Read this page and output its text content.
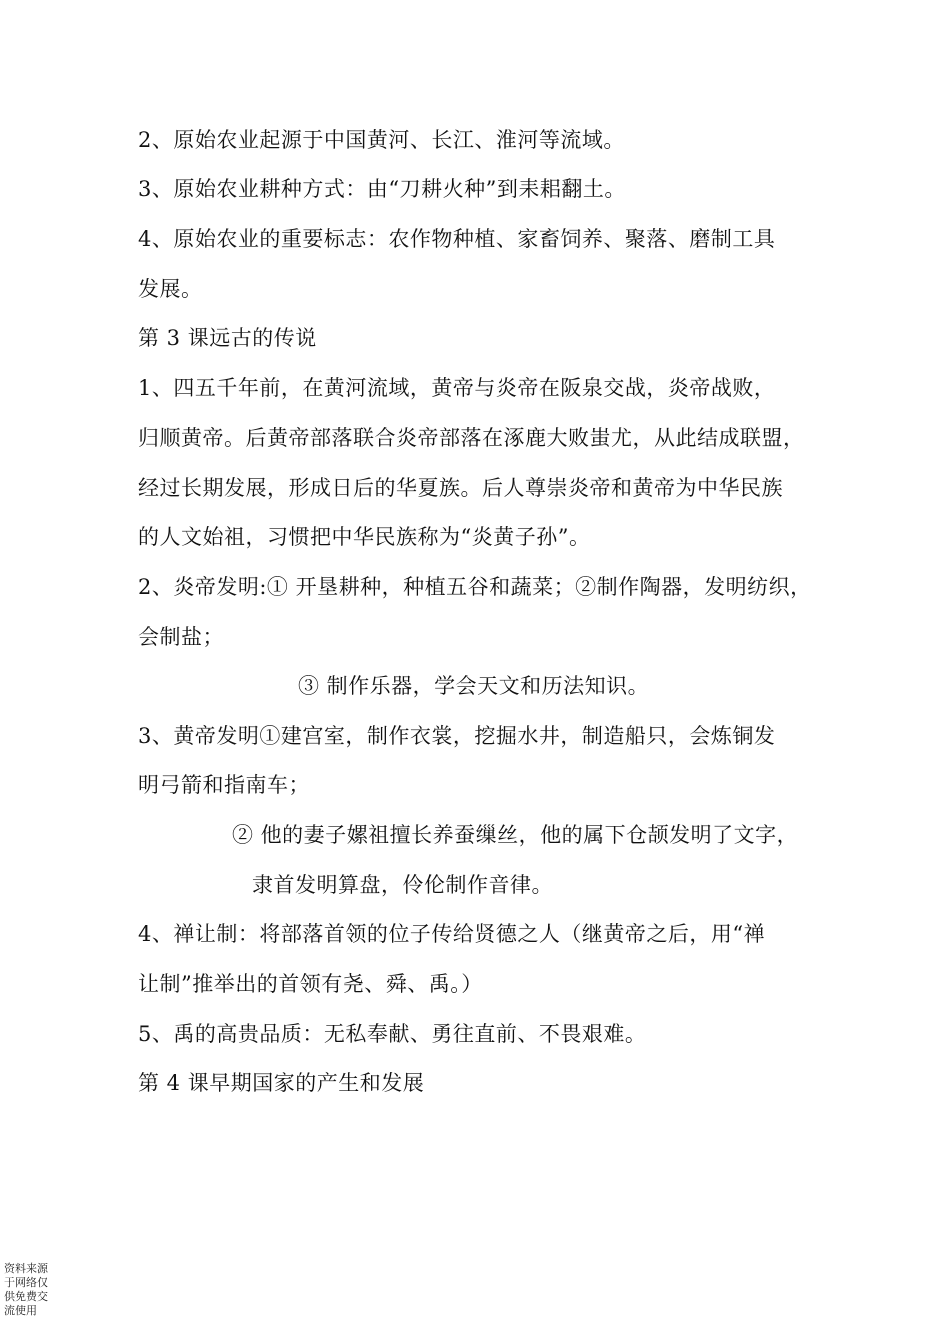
2、原始农业起源于中国黄河、长江、淮河等流域。
3、原始农业耕种方式：由“刀耕火种”到耒耜翻土。
4、原始农业的重要标志：农作物种植、家畜饲养、聚落、磨制工具
发展。
第 3 课远古的传说
1、四五千年前，在黄河流域，黄帝与炎帝在阪泉交战，炎帝战败，
归顺黄帝。后黄帝部落联合炎帝部落在涿鹿大败蚩尤，从此结成联盟，
经过长期发展，形成日后的华夏族。后人尊崇炎帝和黄帝为中华民族
的人文始祖，习惯把中华民族称为“炎黄子孙”。
2、炎帝发明:① 开垦耕种，种植五谷和蔬菜；②制作陶器，发明纺织，
会制盐；
③ 制作乐器，学会天文和历法知识。
3、黄帝发明①建宫室，制作衣裳，挖掘水井，制造船只，会炼铜发
明弓箭和指南车；
② 他的妻子嫘祖擅长养蚕缫丝，他的属下仓颉发明了文字，
隶首发明算盘，伶伦制作音律。
4、禅让制：将部落首领的位子传给贤德之人（继黄帝之后，用“禅
让制”推举出的首领有尧、舜、禹。）
5、禹的高贵品质：无私奉献、勇往直前、不畏艰难。
第 4 课早期国家的产生和发展
资料来源于网络仅供免费交流使用
